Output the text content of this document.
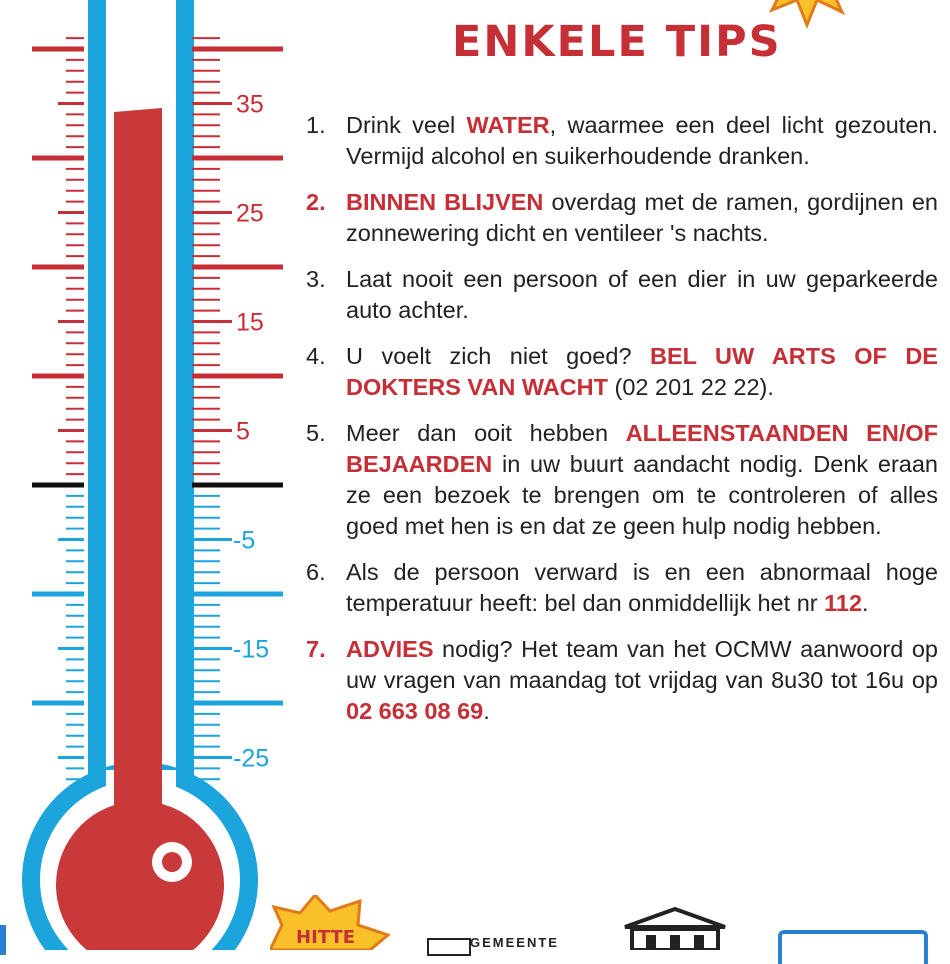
35
25
15
5
-5
-15
-25
ENKELE TIPS
1. Drink veel WATER, waarmee een deel licht gezouten. Vermijd alcohol en suikerhoudende dranken.
2. BINNEN BLIJVEN overdag met de ramen, gordijnen en zonnewering dicht en ventileer 's nachts.
3. Laat nooit een persoon of een dier in uw geparkeerde auto achter.
4. U voelt zich niet goed? BEL UW ARTS OF DE DOKTERS VAN WACHT (02 201 22 22).
5. Meer dan ooit hebben ALLEENSTAANDEN EN/OF BEJAARDEN in uw buurt aandacht nodig. Denk eraan ze een bezoek te brengen om te controleren of alles goed met hen is en dat ze geen hulp nodig hebben.
6. Als de persoon verward is en een abnormaal hoge temperatuur heeft: bel dan onmiddellijk het nr 112.
7. ADVIES nodig? Het team van het OCMW aanwoord op uw vragen van maandag tot vrijdag van 8u30 tot 16u op 02 663 08 69.
HITTE	GEMEENTE
